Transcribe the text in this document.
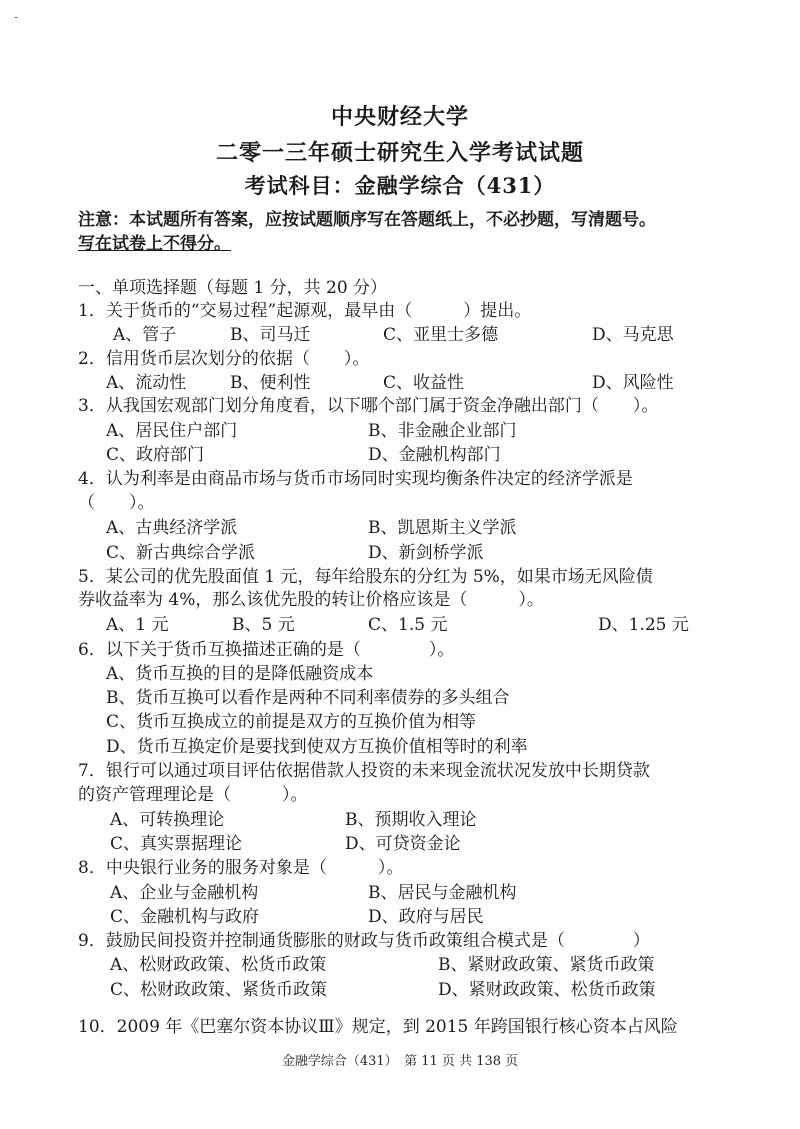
-
中央财经大学
二零一三年硕士研究生入学考试试题
考试科目：金融学综合（431）
注意：本试题所有答案，应按试题顺序写在答题纸上，不必抄题，写清题号。
写在试卷上不得分。
一、单项选择题（每题 1 分，共 20 分）
1．关于货币的“交易过程”起源观，最早由（　　　）提出。
A、管子	B、司马迁	C、亚里士多德	D、马克思
2．信用货币层次划分的依据（　　）。
A、流动性	B、便利性	C、收益性	D、风险性
3．从我国宏观部门划分角度看，以下哪个部门属于资金净融出部门（　　）。
A、居民住户部门	B、非金融企业部门
C、政府部门	D、金融机构部门
4．认为利率是由商品市场与货币市场同时实现均衡条件决定的经济学派是
（　　）。
A、古典经济学派	B、凯恩斯主义学派
C、新古典综合学派	D、新剑桥学派
5．某公司的优先股面值 1 元，每年给股东的分红为 5%，如果市场无风险债
券收益率为 4%，那么该优先股的转让价格应该是（　　　）。
A、1 元	B、5 元	C、1.5 元	D、1.25 元
6．以下关于货币互换描述正确的是（　　　　）。
A、货币互换的目的是降低融资成本
B、货币互换可以看作是两种不同利率债券的多头组合
C、货币互换成立的前提是双方的互换价值为相等
D、货币互换定价是要找到使双方互换价值相等时的利率
7．银行可以通过项目评估依据借款人投资的未来现金流状况发放中长期贷款
的资产管理理论是（　　　）。
A、可转换理论	B、预期收入理论
C、真实票据理论	D、可贷资金论
8．中央银行业务的服务对象是（　　　）。
A、企业与金融机构	B、居民与金融机构
C、金融机构与政府	D、政府与居民
9．鼓励民间投资并控制通货膨胀的财政与货币政策组合模式是（　　　　）
A、松财政政策、松货币政策	B、紧财政政策、紧货币政策
C、松财政政策、紧货币政策	D、紧财政政策、松货币政策
10．2009 年《巴塞尔资本协议Ⅲ》规定，到 2015 年跨国银行核心资本占风险
金融学综合（431）　第 11 页 共 138 页
